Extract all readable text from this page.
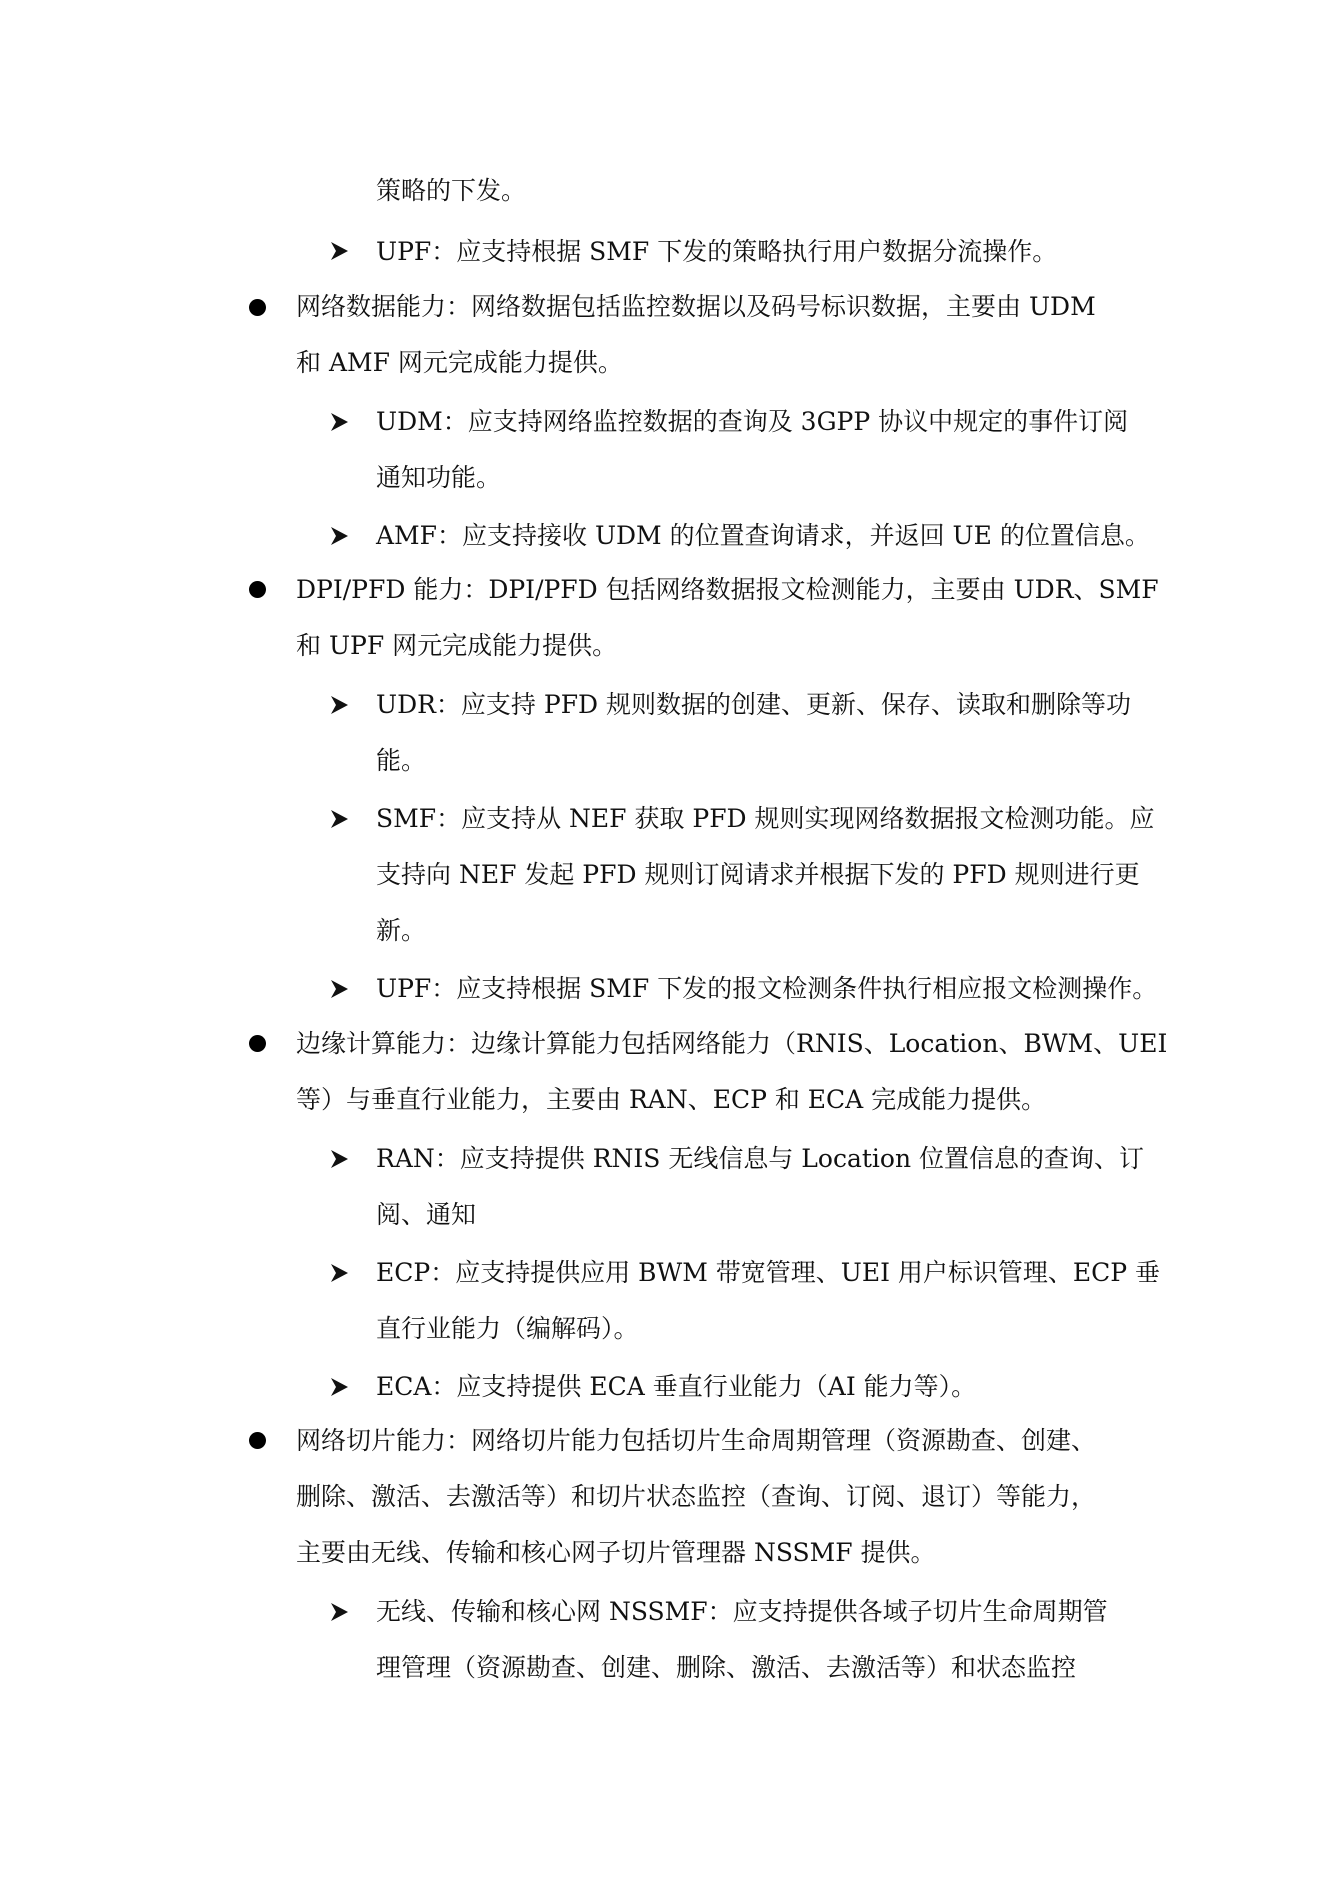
策略的下发。
UPF：应支持根据 SMF 下发的策略执行用户数据分流操作。
网络数据能力：网络数据包括监控数据以及码号标识数据，主要由 UDM
和 AMF 网元完成能力提供。
UDM：应支持网络监控数据的查询及 3GPP 协议中规定的事件订阅
通知功能。
AMF：应支持接收 UDM 的位置查询请求，并返回 UE 的位置信息。
DPI/PFD 能力：DPI/PFD 包括网络数据报文检测能力，主要由 UDR、SMF
和 UPF 网元完成能力提供。
UDR：应支持 PFD 规则数据的创建、更新、保存、读取和删除等功
能。
SMF：应支持从 NEF 获取 PFD 规则实现网络数据报文检测功能。应
支持向 NEF 发起 PFD 规则订阅请求并根据下发的 PFD 规则进行更
新。
UPF：应支持根据 SMF 下发的报文检测条件执行相应报文检测操作。
边缘计算能力：边缘计算能力包括网络能力（RNIS、Location、BWM、UEI
等）与垂直行业能力，主要由 RAN、ECP 和 ECA 完成能力提供。
RAN：应支持提供 RNIS 无线信息与 Location 位置信息的查询、订
阅、通知
ECP：应支持提供应用 BWM 带宽管理、UEI 用户标识管理、ECP 垂
直行业能力（编解码）。
ECA：应支持提供 ECA 垂直行业能力（AI 能力等）。
网络切片能力：网络切片能力包括切片生命周期管理（资源勘查、创建、
删除、激活、去激活等）和切片状态监控（查询、订阅、退订）等能力，
主要由无线、传输和核心网子切片管理器 NSSMF 提供。
无线、传输和核心网 NSSMF：应支持提供各域子切片生命周期管
理管理（资源勘查、创建、删除、激活、去激活等）和状态监控
